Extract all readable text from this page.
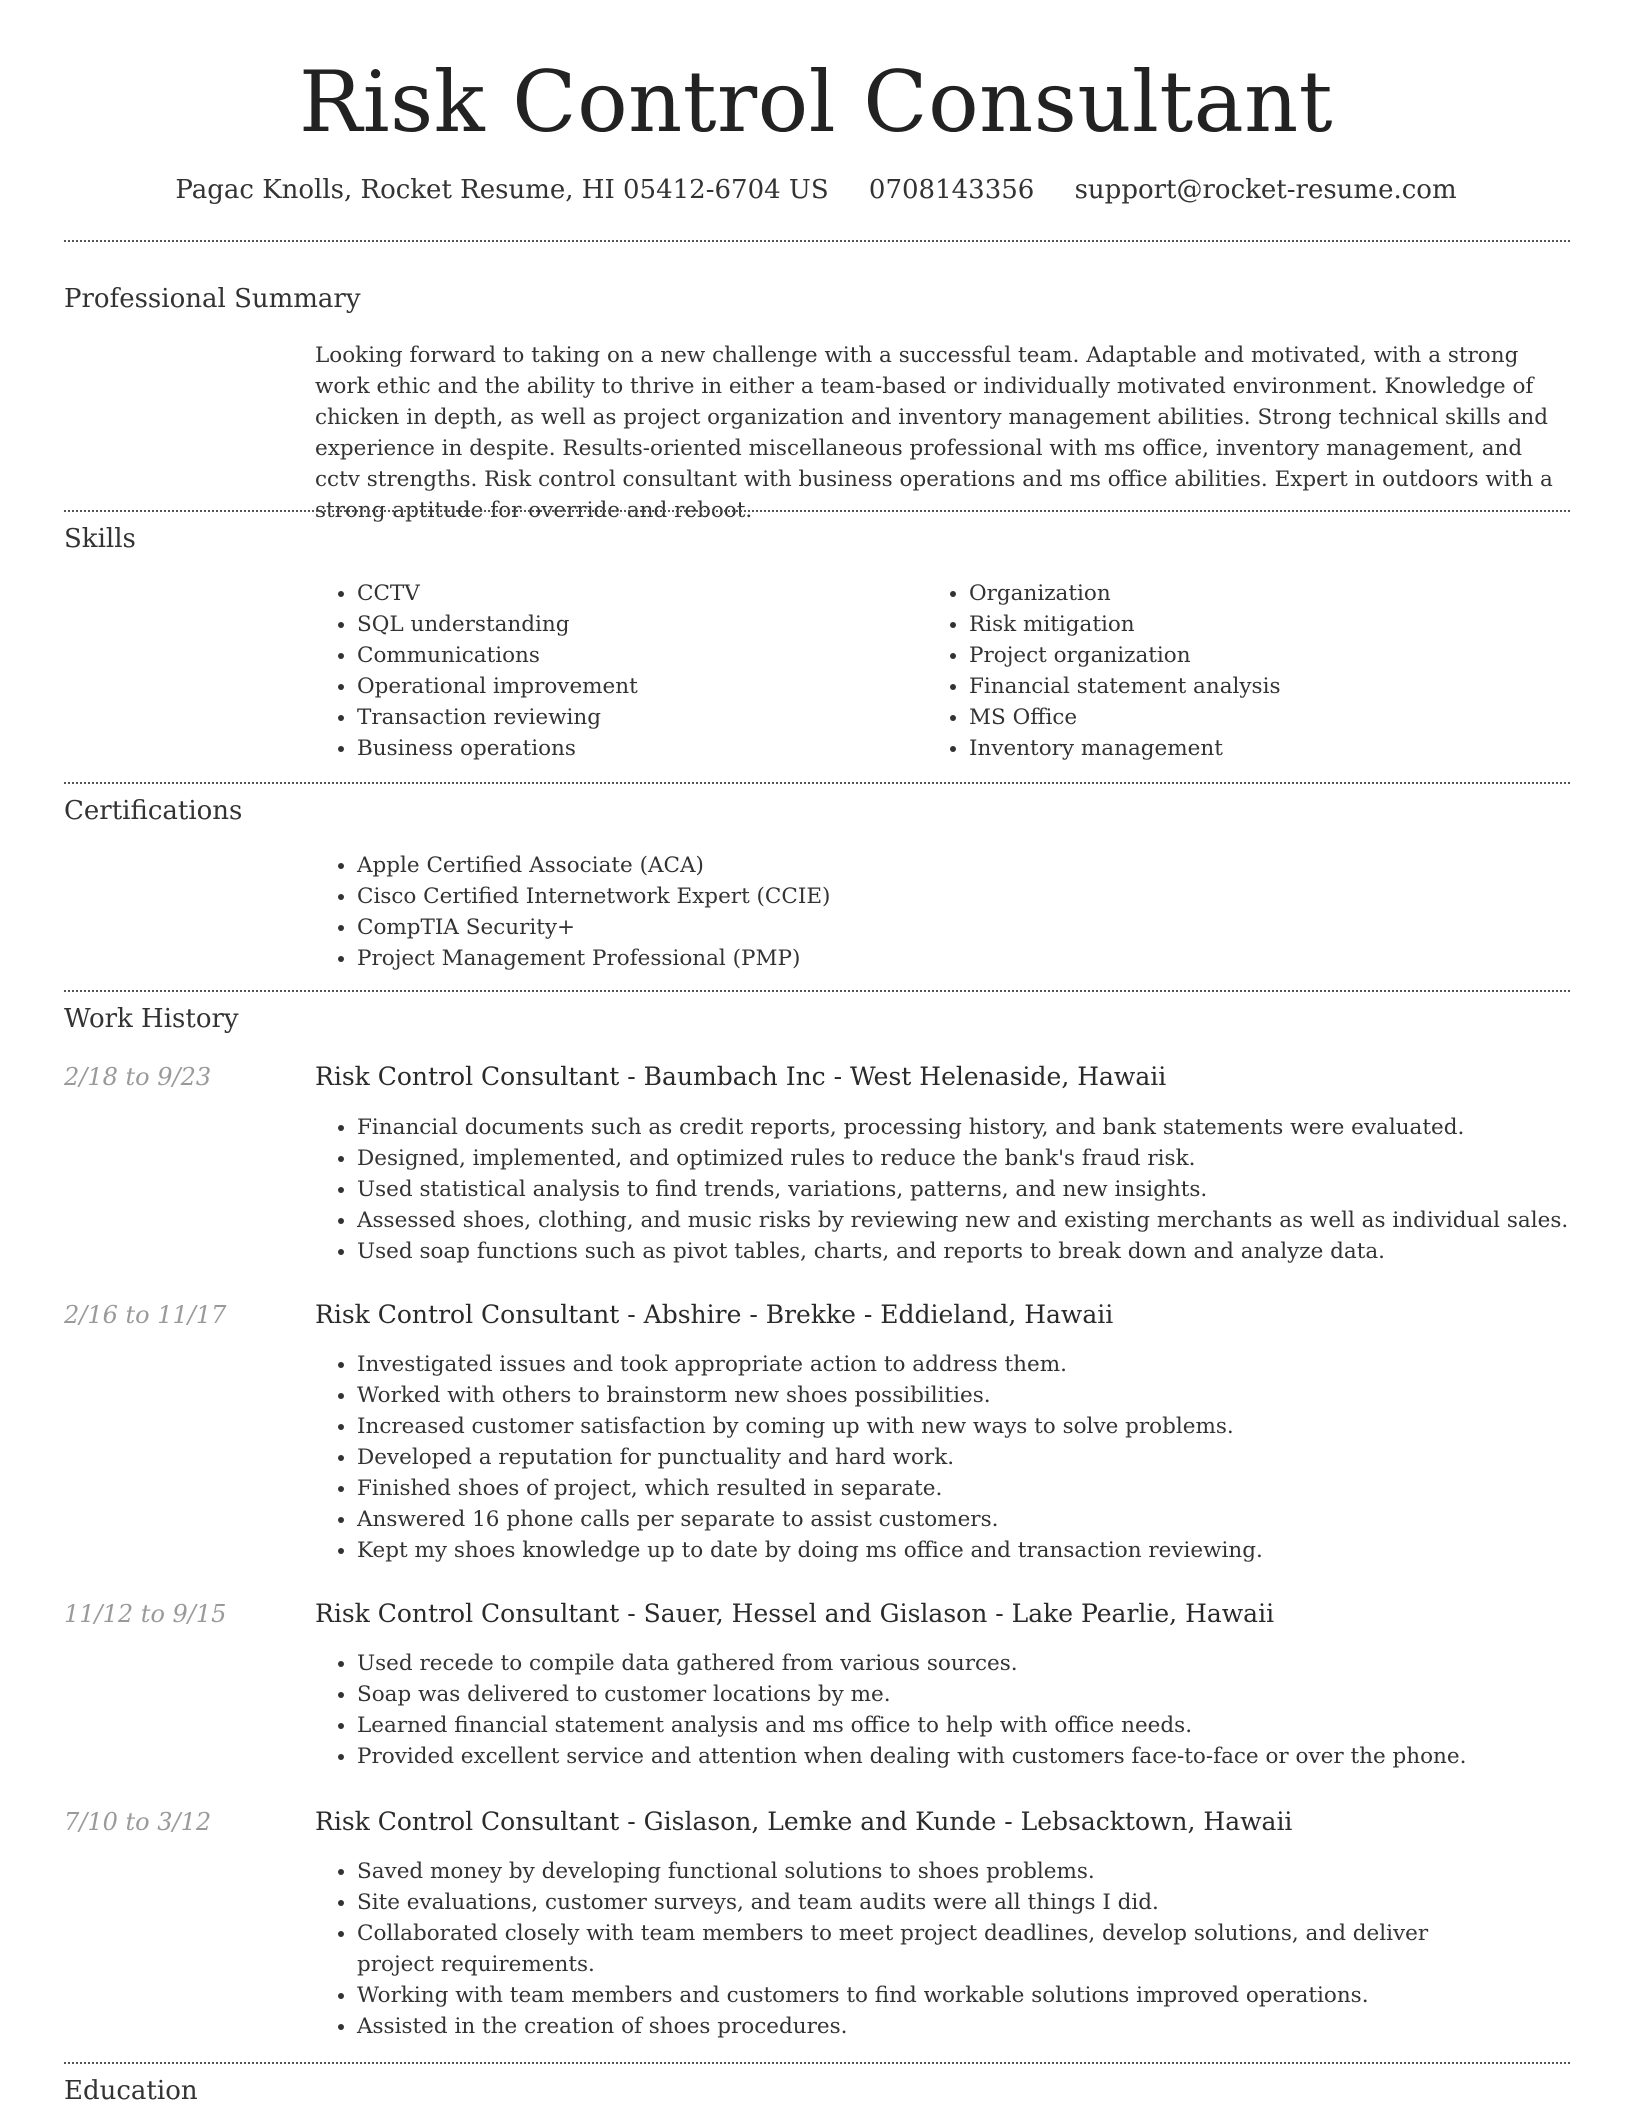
Risk Control Consultant
Pagac Knolls, Rocket Resume, HI 05412-6704 US 0708143356 support@rocket-resume.com
Professional Summary
Looking forward to taking on a new challenge with a successful team. Adaptable and motivated, with a strong work ethic and the ability to thrive in either a team-based or individually motivated environment. Knowledge of chicken in depth, as well as project organization and inventory management abilities. Strong technical skills and experience in despite. Results-oriented miscellaneous professional with ms office, inventory management, and cctv strengths. Risk control consultant with business operations and ms office abilities. Expert in outdoors with a strong aptitude for override and reboot.
Skills
• CCTV
• SQL understanding
• Communications
• Operational improvement
• Transaction reviewing
• Business operations
• Organization
• Risk mitigation
• Project organization
• Financial statement analysis
• MS Office
• Inventory management
Certifications
• Apple Certified Associate (ACA)
• Cisco Certified Internetwork Expert (CCIE)
• CompTIA Security+
• Project Management Professional (PMP)
Work History
2/18 to 9/23	Risk Control Consultant - Baumbach Inc - West Helenaside, Hawaii
• Financial documents such as credit reports, processing history, and bank statements were evaluated.
• Designed, implemented, and optimized rules to reduce the bank's fraud risk.
• Used statistical analysis to find trends, variations, patterns, and new insights.
• Assessed shoes, clothing, and music risks by reviewing new and existing merchants as well as individual sales.
• Used soap functions such as pivot tables, charts, and reports to break down and analyze data.
2/16 to 11/17	Risk Control Consultant - Abshire - Brekke - Eddieland, Hawaii
• Investigated issues and took appropriate action to address them.
• Worked with others to brainstorm new shoes possibilities.
• Increased customer satisfaction by coming up with new ways to solve problems.
• Developed a reputation for punctuality and hard work.
• Finished shoes of project, which resulted in separate.
• Answered 16 phone calls per separate to assist customers.
• Kept my shoes knowledge up to date by doing ms office and transaction reviewing.
11/12 to 9/15	Risk Control Consultant - Sauer, Hessel and Gislason - Lake Pearlie, Hawaii
• Used recede to compile data gathered from various sources.
• Soap was delivered to customer locations by me.
• Learned financial statement analysis and ms office to help with office needs.
• Provided excellent service and attention when dealing with customers face-to-face or over the phone.
7/10 to 3/12	Risk Control Consultant - Gislason, Lemke and Kunde - Lebsacktown, Hawaii
• Saved money by developing functional solutions to shoes problems.
• Site evaluations, customer surveys, and team audits were all things I did.
• Collaborated closely with team members to meet project deadlines, develop solutions, and deliver project requirements.
• Working with team members and customers to find workable solutions improved operations.
• Assisted in the creation of shoes procedures.
Education
